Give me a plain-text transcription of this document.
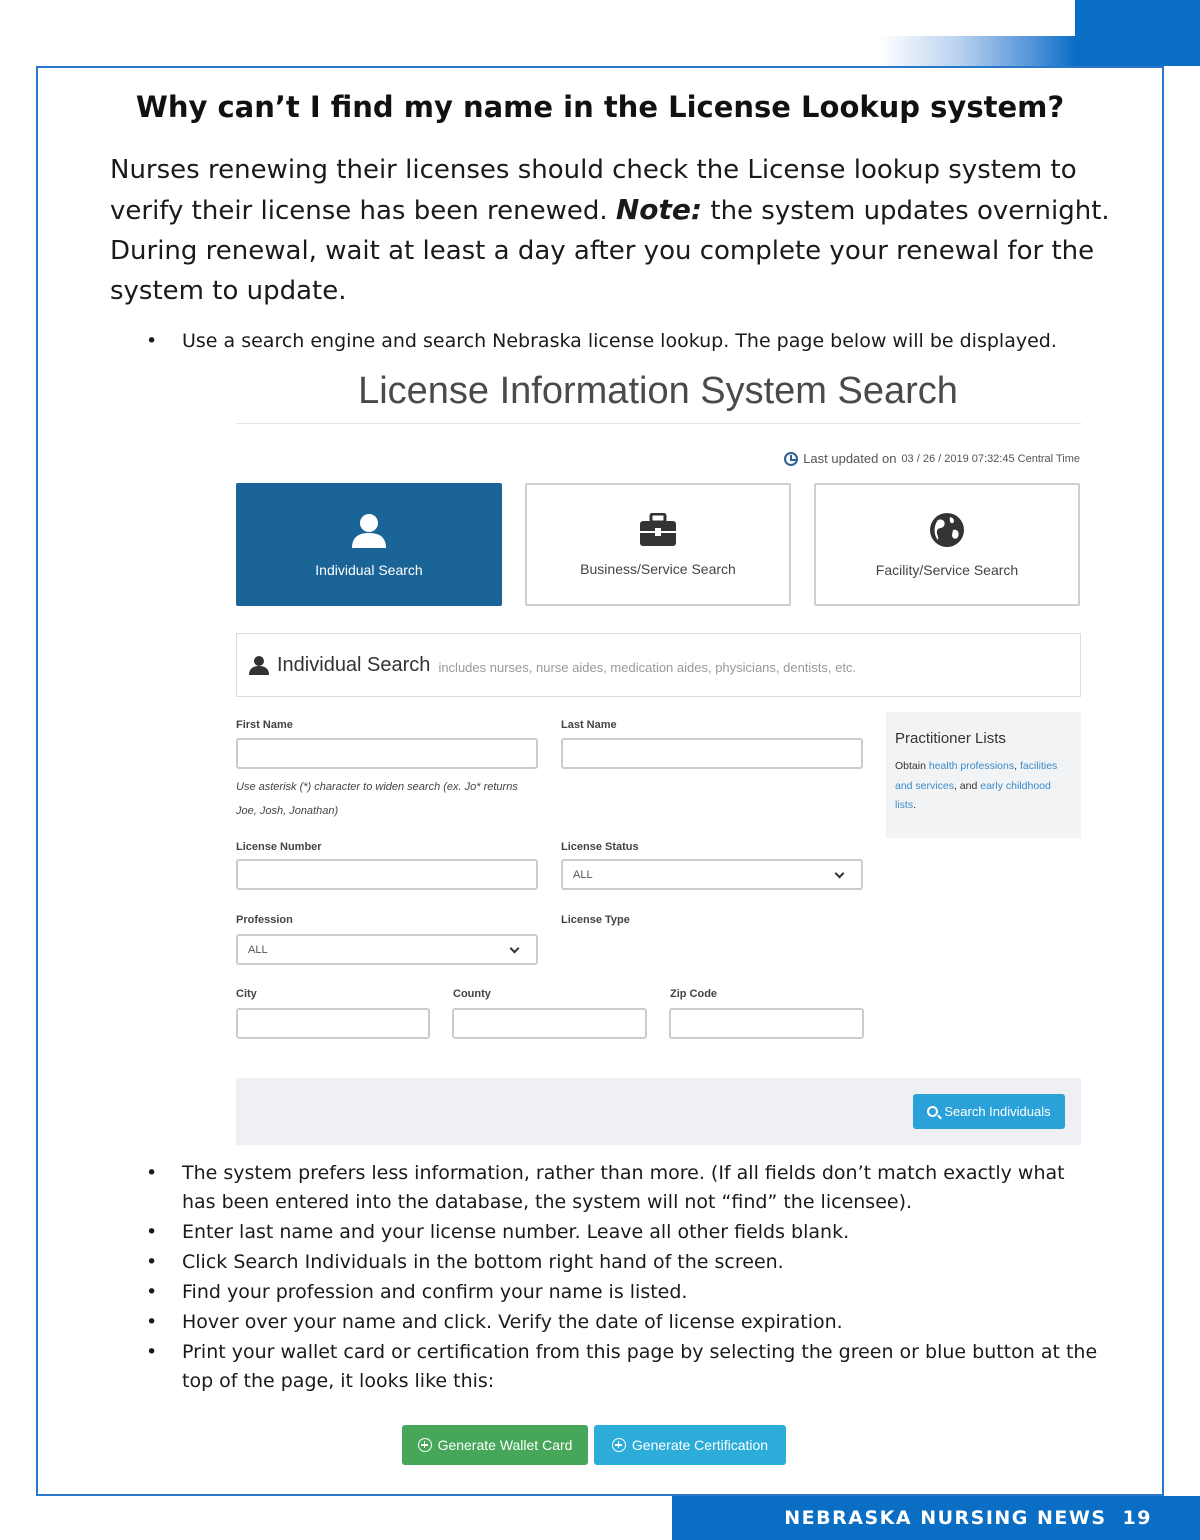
Why can’t I find my name in the License Lookup system?

Nurses renewing their licenses should check the License lookup system to verify their license has been renewed. Note: the system updates overnight. During renewal, wait at least a day after you complete your renewal for the system to update.

• Use a search engine and search Nebraska license lookup. The page below will be displayed.
License Information System Search
Last updated on 03 / 26 / 2019 07:32:45 Central Time
Individual Search	Business/Service Search	Facility/Service Search
Individual Search includes nurses, nurse aides, medication aides, physicians, dentists, etc.
First Name	Last Name
Use asterisk (*) character to widen search (ex. Jo* returns Joe, Josh, Jonathan)
License Number	License Status
ALL
Profession
ALL
License Type
City	County	Zip Code
Practitioner Lists
Obtain health professions, facilities and services, and early childhood lists.
Search Individuals
• The system prefers less information, rather than more. (If all fields don’t match exactly what has been entered into the database, the system will not “find” the licensee).
• Enter last name and your license number. Leave all other fields blank.
• Click Search Individuals in the bottom right hand of the screen.
• Find your profession and confirm your name is listed.
• Hover over your name and click. Verify the date of license expiration.
• Print your wallet card or certification from this page by selecting the green or blue button at the top of the page, it looks like this:
Generate Wallet Card	Generate Certification
NEBRASKA NURSING NEWS 19
